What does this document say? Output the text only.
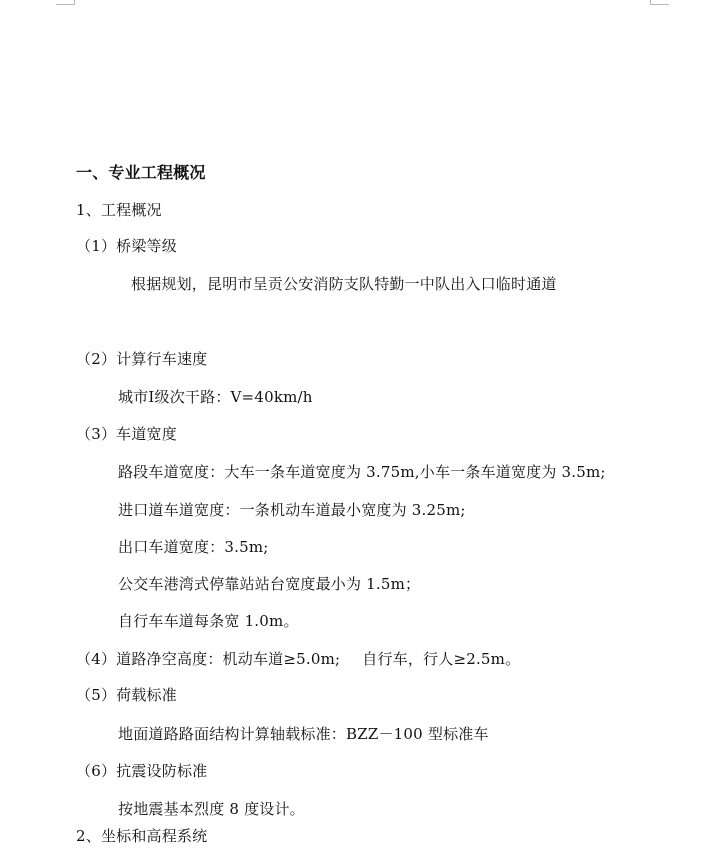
一、专业工程概况
1、工程概况
（1）桥梁等级
根据规划，昆明市呈贡公安消防支队特勤一中队出入口临时通道
（2）计算行车速度
城市Ⅰ级次干路：V=40km/h
（3）车道宽度
路段车道宽度：大车一条车道宽度为 3.75m,小车一条车道宽度为 3.5m;
进口道车道宽度：一条机动车道最小宽度为 3.25m;
出口车道宽度：3.5m;
公交车港湾式停靠站站台宽度最小为 1.5m；
自行车车道每条宽 1.0m。
（4）道路净空高度：机动车道≥5.0m; 自行车，行人≥2.5m。
（5）荷载标准
地面道路路面结构计算轴载标准：BZZ－100 型标准车
（6）抗震设防标准
按地震基本烈度 8 度设计。
2、坐标和高程系统
